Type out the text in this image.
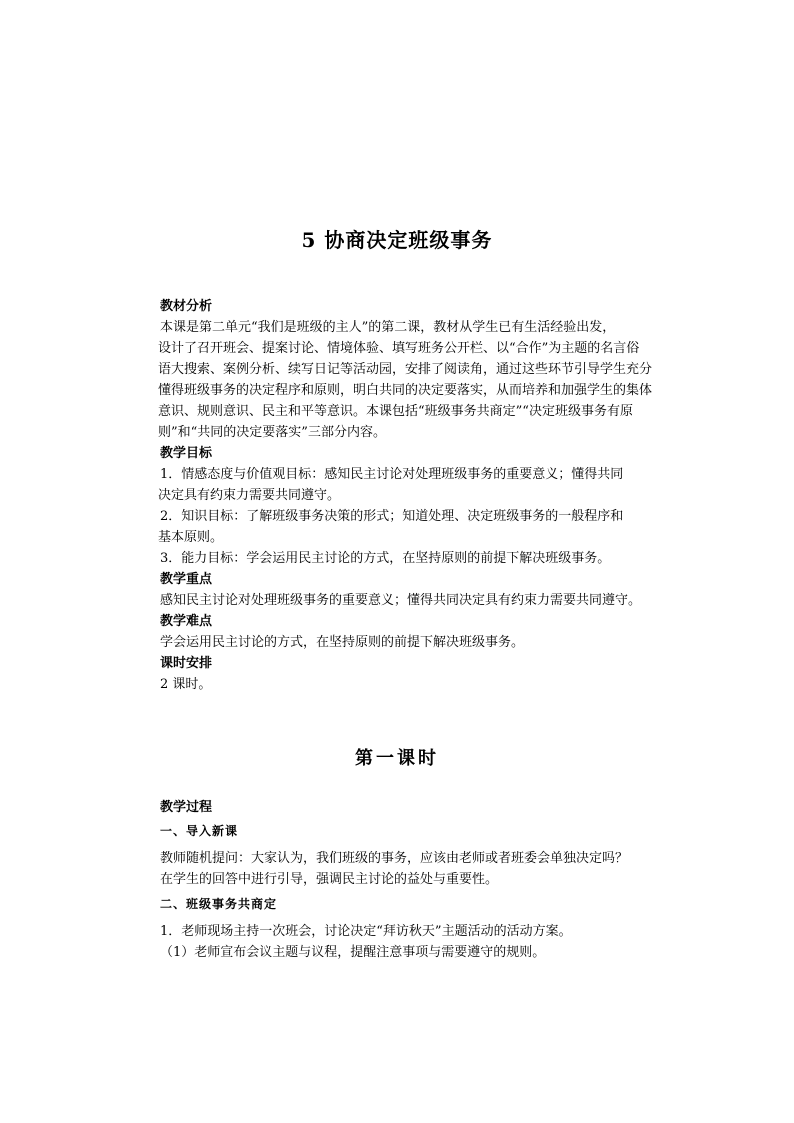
5 协商决定班级事务

教材分析

本课是第二单元“我们是班级的主人”的第二课，教材从学生已有生活经验出发，

设计了召开班会、提案讨论、情境体验、填写班务公开栏、以“合作”为主题的名言俗

语大搜索、案例分析、续写日记等活动园，安排了阅读角，通过这些环节引导学生充分

懂得班级事务的决定程序和原则，明白共同的决定要落实，从而培养和加强学生的集体

意识、规则意识、民主和平等意识。本课包括“班级事务共商定”“决定班级事务有原

则”和“共同的决定要落实”三部分内容。

教学目标

1．情感态度与价值观目标：感知民主讨论对处理班级事务的重要意义；懂得共同

决定具有约束力需要共同遵守。

2．知识目标：了解班级事务决策的形式；知道处理、决定班级事务的一般程序和

基本原则。

3．能力目标：学会运用民主讨论的方式，在坚持原则的前提下解决班级事务。

教学重点

感知民主讨论对处理班级事务的重要意义；懂得共同决定具有约束力需要共同遵守。

教学难点

学会运用民主讨论的方式，在坚持原则的前提下解决班级事务。

课时安排

2 课时。

第一课时

教学过程

一、导入新课

教师随机提问：大家认为，我们班级的事务，应该由老师或者班委会单独决定吗？

在学生的回答中进行引导，强调民主讨论的益处与重要性。

二、班级事务共商定

1．老师现场主持一次班会，讨论决定“拜访秋天”主题活动的活动方案。

（1）老师宣布会议主题与议程，提醒注意事项与需要遵守的规则。
